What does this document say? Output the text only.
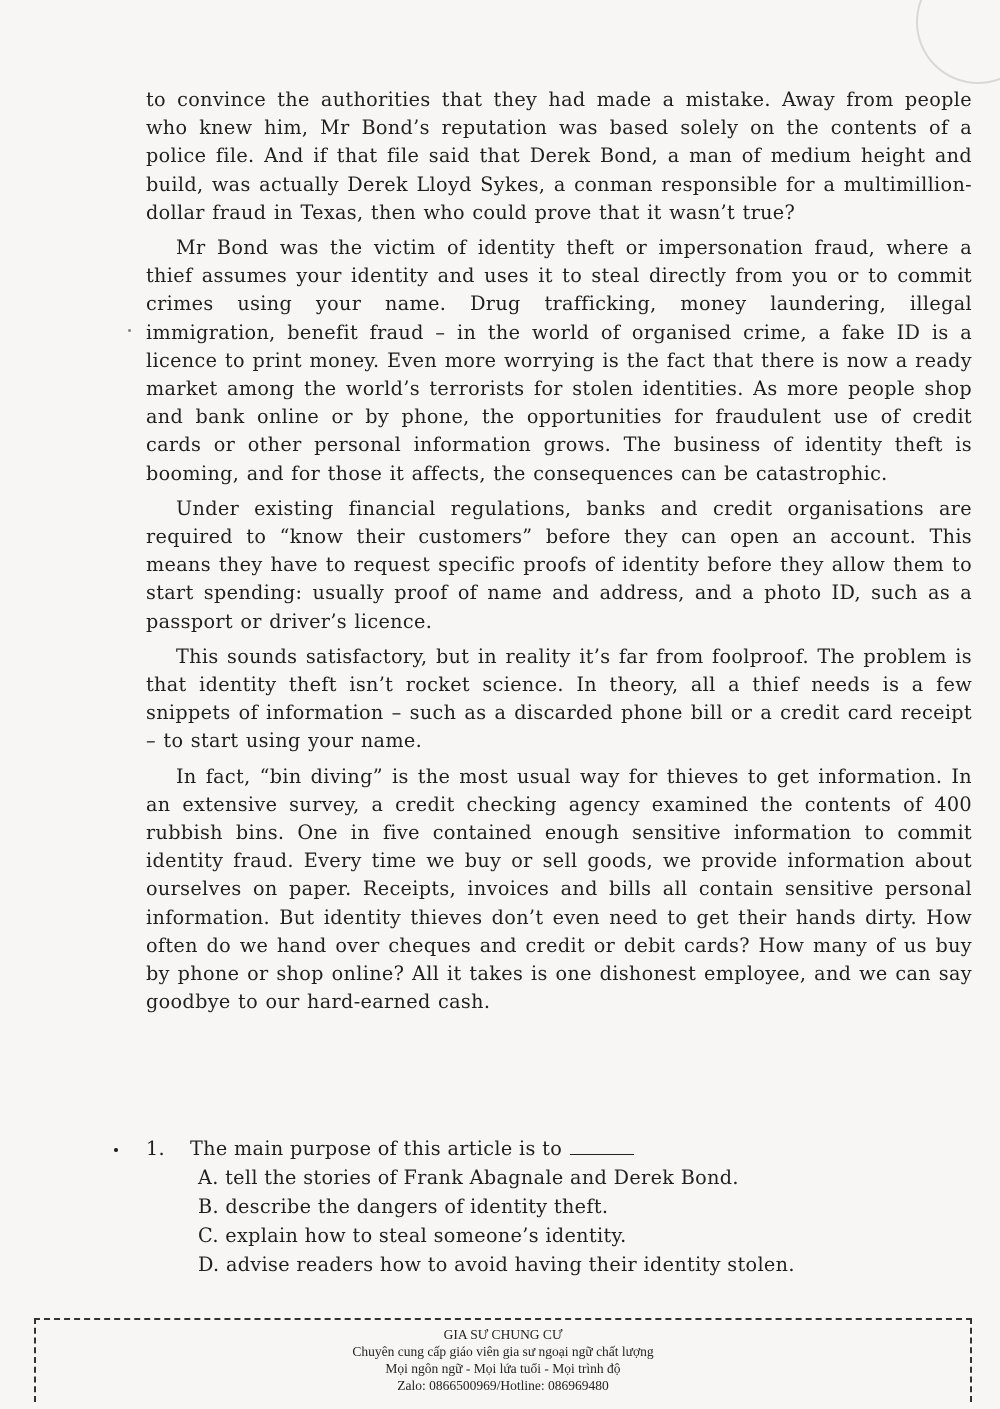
to convince the authorities that they had made a mistake. Away from people who knew him, Mr Bond’s reputation was based solely on the contents of a police file. And if that file said that Derek Bond, a man of medium height and build, was actually Derek Lloyd Sykes, a conman responsible for a multimillion-dollar fraud in Texas, then who could prove that it wasn’t true?

Mr Bond was the victim of identity theft or impersonation fraud, where a thief assumes your identity and uses it to steal directly from you or to commit crimes using your name. Drug trafficking, money laundering, illegal immigration, benefit fraud – in the world of organised crime, a fake ID is a licence to print money. Even more worrying is the fact that there is now a ready market among the world’s terrorists for stolen identities. As more people shop and bank online or by phone, the opportunities for fraudulent use of credit cards or other personal information grows. The business of identity theft is booming, and for those it affects, the consequences can be catastrophic.

Under existing financial regulations, banks and credit organisations are required to “know their customers” before they can open an account. This means they have to request specific proofs of identity before they allow them to start spending: usually proof of name and address, and a photo ID, such as a passport or driver’s licence.

This sounds satisfactory, but in reality it’s far from foolproof. The problem is that identity theft isn’t rocket science. In theory, all a thief needs is a few snippets of information – such as a discarded phone bill or a credit card receipt – to start using your name.

In fact, “bin diving” is the most usual way for thieves to get information. In an extensive survey, a credit checking agency examined the contents of 400 rubbish bins. One in five contained enough sensitive information to commit identity fraud. Every time we buy or sell goods, we provide information about ourselves on paper. Receipts, invoices and bills all contain sensitive personal information. But identity thieves don’t even need to get their hands dirty. How often do we hand over cheques and credit or debit cards? How many of us buy by phone or shop online? All it takes is one dishonest employee, and we can say goodbye to our hard-earned cash.

1.	The main purpose of this article is to

A. tell the stories of Frank Abagnale and Derek Bond.

B. describe the dangers of identity theft.

C. explain how to steal someone’s identity.

D. advise readers how to avoid having their identity stolen.

GIA SƯ CHUNG CƯ
Chuyên cung cấp giáo viên gia sư ngoại ngữ chất lượng
Mọi ngôn ngữ - Mọi lứa tuổi - Mọi trình độ
Zalo: 0866500969/Hotline: 086969480
